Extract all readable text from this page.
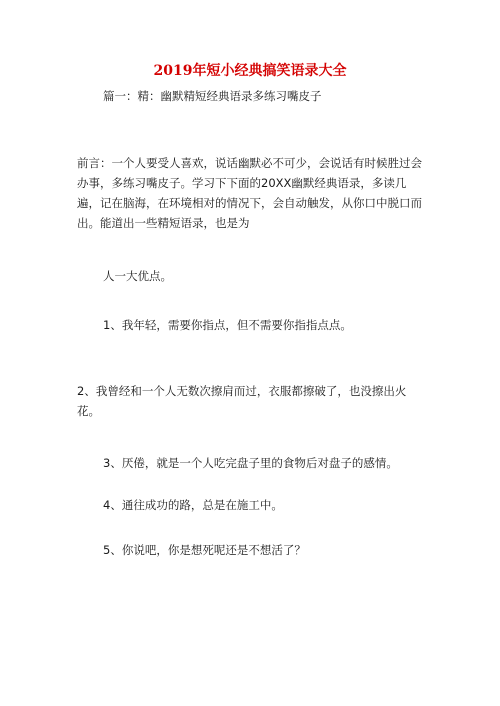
2019年短小经典搞笑语录大全
篇一：精：幽默精短经典语录多练习嘴皮子
前言：一个人要受人喜欢，说话幽默必不可少，会说话有时候胜过会办事，多练习嘴皮子。学习下下面的20XX幽默经典语录，多读几遍，记在脑海，在环境相对的情况下，会自动触发，从你口中脱口而出。能道出一些精短语录，也是为
人一大优点。
1、我年轻，需要你指点，但不需要你指指点点。
2、我曾经和一个人无数次擦肩而过，衣服都擦破了，也没擦出火花。
3、厌倦，就是一个人吃完盘子里的食物后对盘子的感情。
4、通往成功的路，总是在施工中。
5、你说吧，你是想死呢还是不想活了？
